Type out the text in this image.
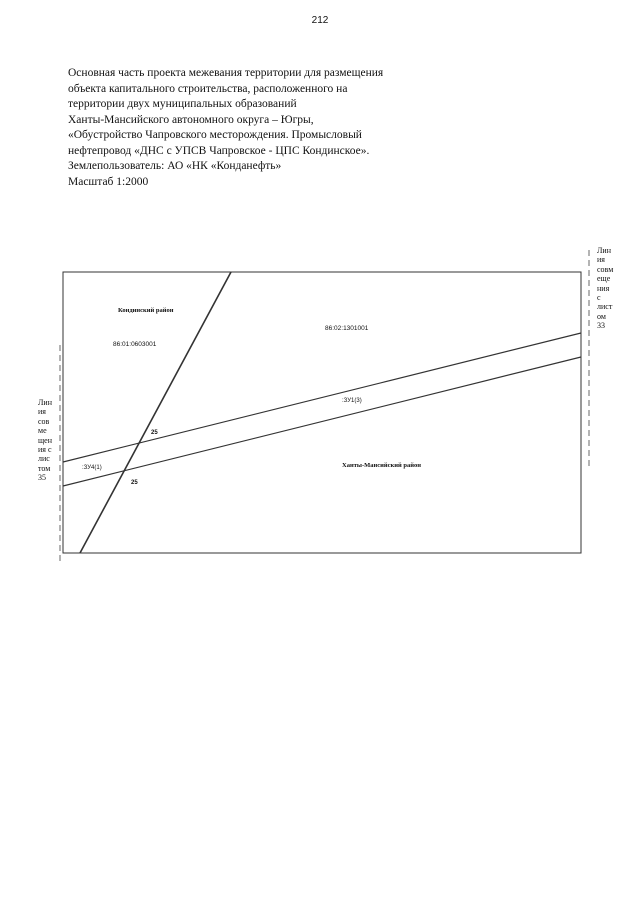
212
Основная часть проекта межевания территории для размещения
объекта капитального строительства, расположенного на
территории двух муниципальных образований
Ханты-Мансийского автономного округа – Югры,
«Обустройство Чапровского месторождения. Промысловый
нефтепровод «ДНС с УПСВ Чапровское - ЦПС Кондинское».
Землепользователь: АО «НК «Конданефть»
Масштаб 1:2000
Кондинский район
Ханты-Мансийский район
86:01:0603001
86:02:1301001
:ЗУ1(3)
:ЗУ4(1)
25
25
Лин
ия
сов
ме
щен
ия с
лис
том
35
Лин
ия
совм
еще
ния
с
лист
ом
33
